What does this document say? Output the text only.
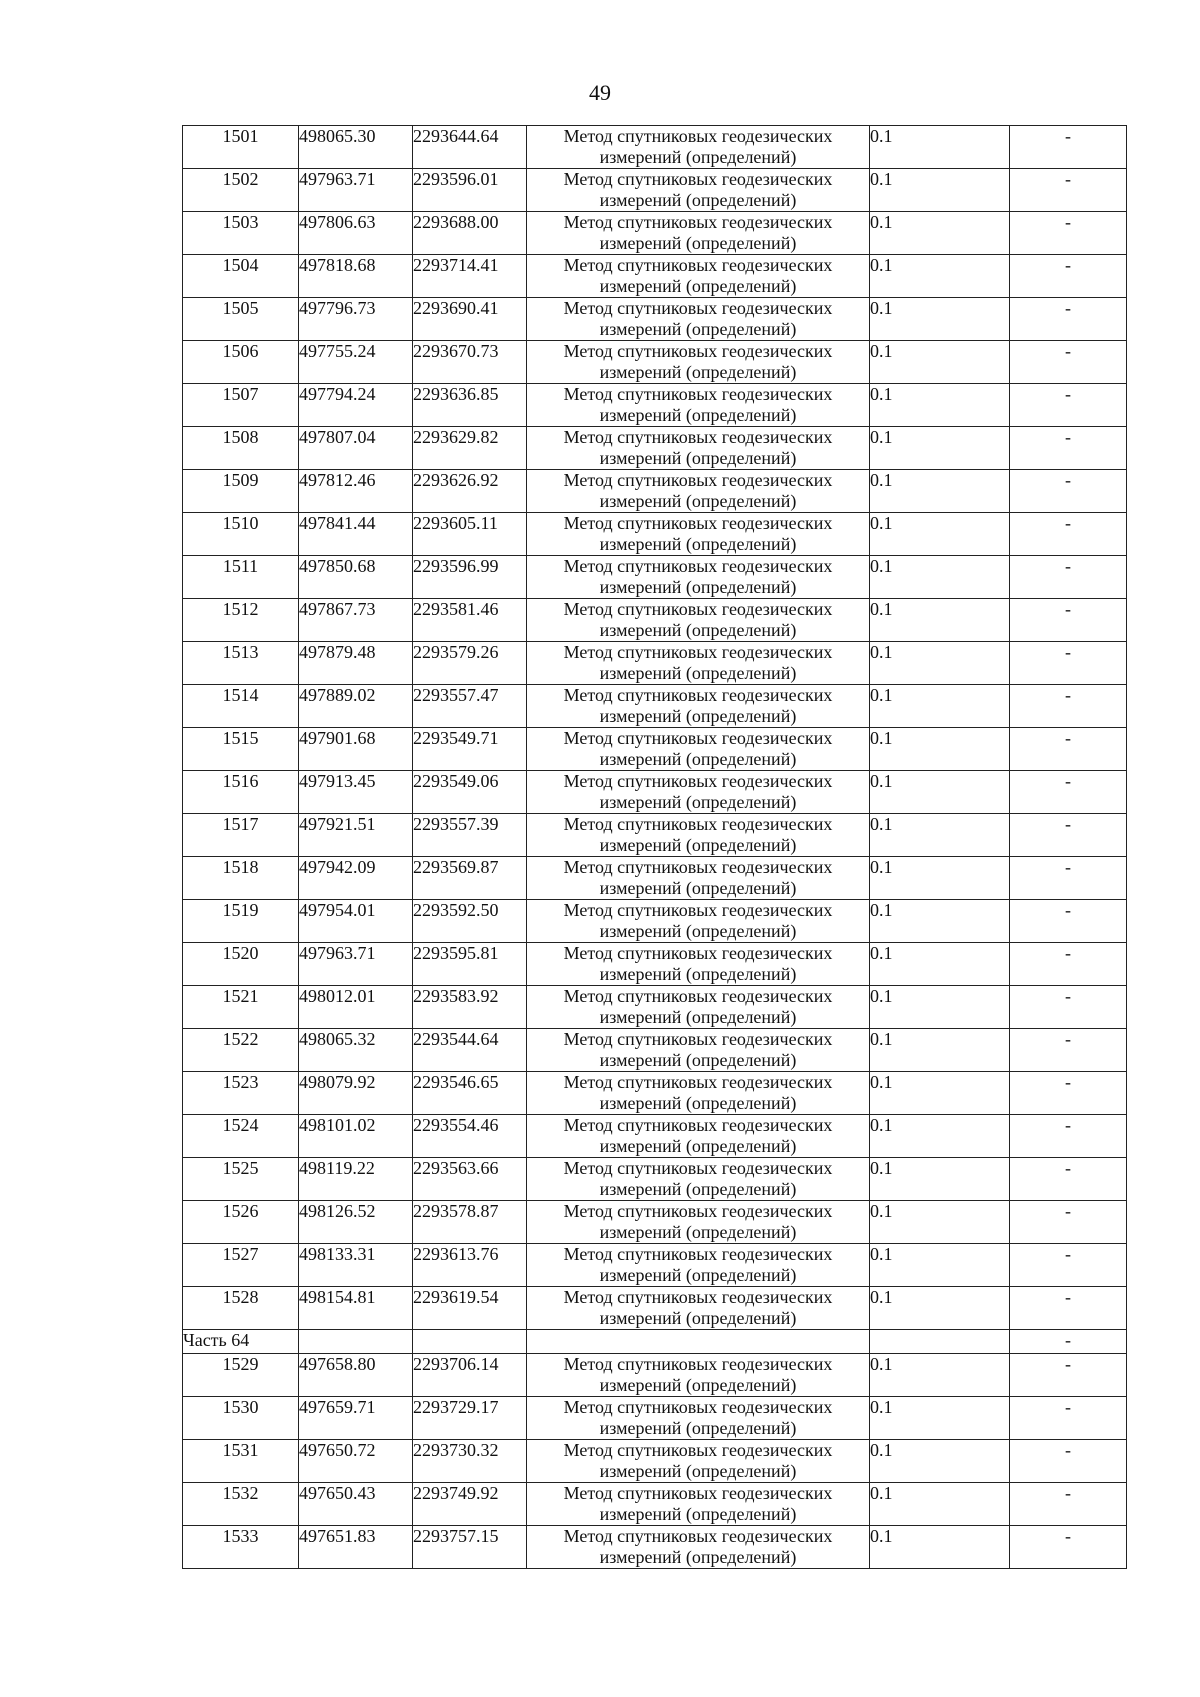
49
1501	498065.30	2293644.64	Метод спутниковых геодезических измерений (определений)	0.1	-
1502	497963.71	2293596.01	Метод спутниковых геодезических измерений (определений)	0.1	-
1503	497806.63	2293688.00	Метод спутниковых геодезических измерений (определений)	0.1	-
1504	497818.68	2293714.41	Метод спутниковых геодезических измерений (определений)	0.1	-
1505	497796.73	2293690.41	Метод спутниковых геодезических измерений (определений)	0.1	-
1506	497755.24	2293670.73	Метод спутниковых геодезических измерений (определений)	0.1	-
1507	497794.24	2293636.85	Метод спутниковых геодезических измерений (определений)	0.1	-
1508	497807.04	2293629.82	Метод спутниковых геодезических измерений (определений)	0.1	-
1509	497812.46	2293626.92	Метод спутниковых геодезических измерений (определений)	0.1	-
1510	497841.44	2293605.11	Метод спутниковых геодезических измерений (определений)	0.1	-
1511	497850.68	2293596.99	Метод спутниковых геодезических измерений (определений)	0.1	-
1512	497867.73	2293581.46	Метод спутниковых геодезических измерений (определений)	0.1	-
1513	497879.48	2293579.26	Метод спутниковых геодезических измерений (определений)	0.1	-
1514	497889.02	2293557.47	Метод спутниковых геодезических измерений (определений)	0.1	-
1515	497901.68	2293549.71	Метод спутниковых геодезических измерений (определений)	0.1	-
1516	497913.45	2293549.06	Метод спутниковых геодезических измерений (определений)	0.1	-
1517	497921.51	2293557.39	Метод спутниковых геодезических измерений (определений)	0.1	-
1518	497942.09	2293569.87	Метод спутниковых геодезических измерений (определений)	0.1	-
1519	497954.01	2293592.50	Метод спутниковых геодезических измерений (определений)	0.1	-
1520	497963.71	2293595.81	Метод спутниковых геодезических измерений (определений)	0.1	-
1521	498012.01	2293583.92	Метод спутниковых геодезических измерений (определений)	0.1	-
1522	498065.32	2293544.64	Метод спутниковых геодезических измерений (определений)	0.1	-
1523	498079.92	2293546.65	Метод спутниковых геодезических измерений (определений)	0.1	-
1524	498101.02	2293554.46	Метод спутниковых геодезических измерений (определений)	0.1	-
1525	498119.22	2293563.66	Метод спутниковых геодезических измерений (определений)	0.1	-
1526	498126.52	2293578.87	Метод спутниковых геодезических измерений (определений)	0.1	-
1527	498133.31	2293613.76	Метод спутниковых геодезических измерений (определений)	0.1	-
1528	498154.81	2293619.54	Метод спутниковых геодезических измерений (определений)	0.1	-
Часть 64					-
1529	497658.80	2293706.14	Метод спутниковых геодезических измерений (определений)	0.1	-
1530	497659.71	2293729.17	Метод спутниковых геодезических измерений (определений)	0.1	-
1531	497650.72	2293730.32	Метод спутниковых геодезических измерений (определений)	0.1	-
1532	497650.43	2293749.92	Метод спутниковых геодезических измерений (определений)	0.1	-
1533	497651.83	2293757.15	Метод спутниковых геодезических измерений (определений)	0.1	-
